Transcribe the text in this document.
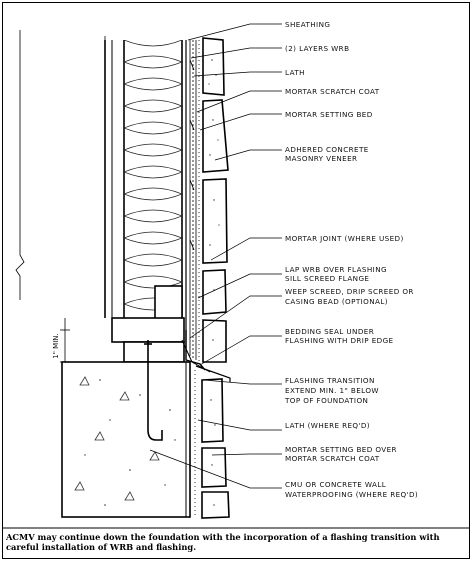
1" MIN.
SHEATHING
(2) LAYERS WRB
LATH
MORTAR SCRATCH COAT
MORTAR SETTING BED
ADHERED CONCRETE
MASONRY VENEER
MORTAR JOINT (WHERE USED)
LAP WRB OVER FLASHING
SILL SCREED FLANGE
WEEP SCREED, DRIP SCREED OR
CASING BEAD (OPTIONAL)
BEDDING SEAL UNDER
FLASHING WITH DRIP EDGE
FLASHING TRANSITION
EXTEND MIN. 1" BELOW
TOP OF FOUNDATION
LATH (WHERE REQ'D)
MORTAR SETTING BED OVER
MORTAR SCRATCH COAT
CMU OR CONCRETE WALL
WATERPROOFING (WHERE REQ'D)
ACMV may continue down the foundation with the incorporation of a flashing transition with careful installation of WRB and flashing.
